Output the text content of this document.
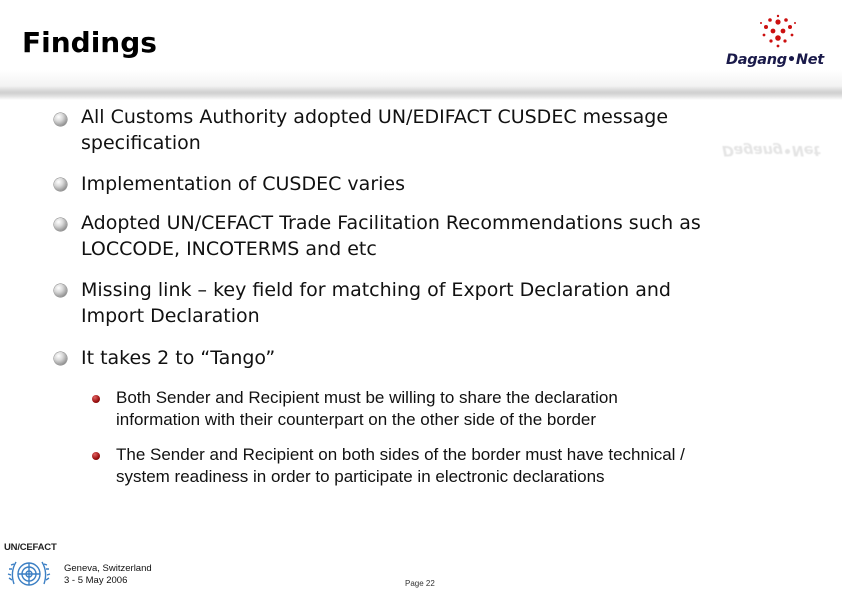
Findings
Dagang•Net
Dagang•Net
All Customs Authority adopted UN/EDIFACT CUSDEC message
specification
Implementation of CUSDEC varies
Adopted UN/CEFACT Trade Facilitation Recommendations such as
LOCCODE, INCOTERMS and etc
Missing link – key field for matching of Export Declaration and
Import Declaration
It takes 2 to “Tango”
Both Sender and Recipient must be willing to share the declaration
information with their counterpart on the other side of the border
The Sender and Recipient on both sides of the border must have technical /
system readiness in order to participate in electronic declarations
UN/CEFACT
Geneva, Switzerland
3 - 5 May 2006	Page 22
